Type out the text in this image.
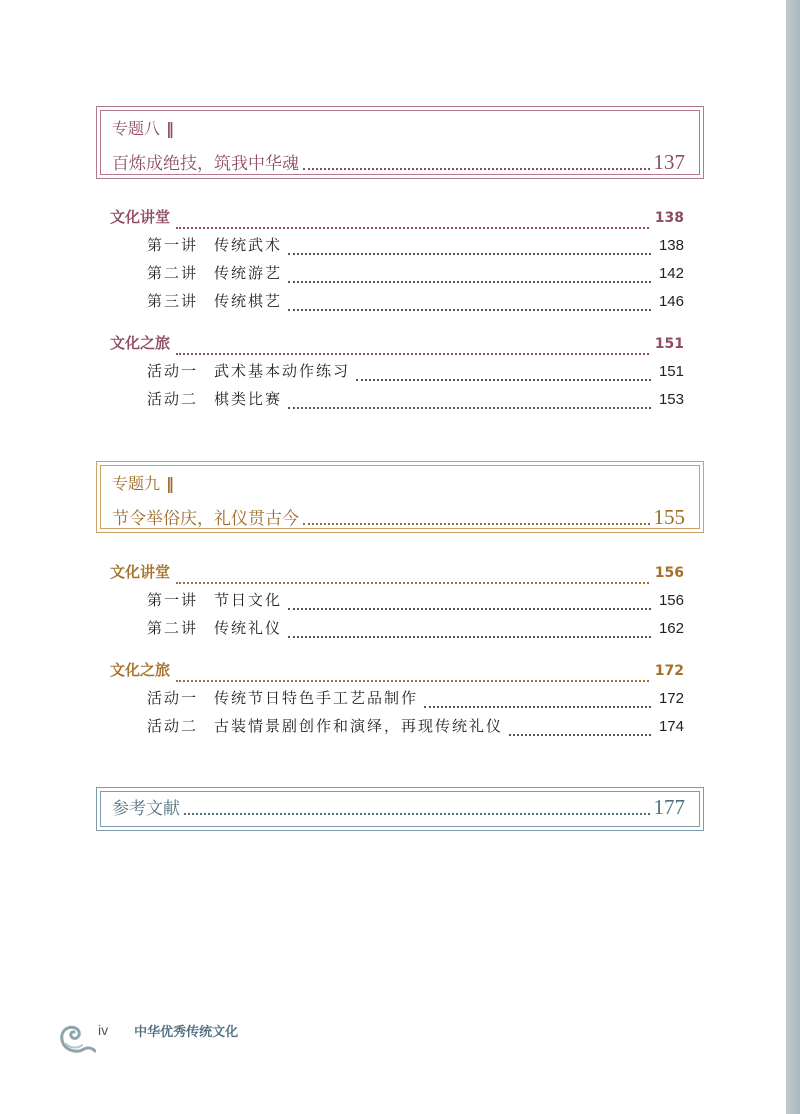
专题八 ‖
百炼成绝技，筑我中华魂	137
文化讲堂	138
第一讲 传统武术	138
第二讲 传统游艺	142
第三讲 传统棋艺	146
文化之旅	151
活动一 武术基本动作练习	151
活动二 棋类比赛	153
专题九 ‖
节令举俗庆，礼仪贯古今	155
文化讲堂	156
第一讲 节日文化	156
第二讲 传统礼仪	162
文化之旅	172
活动一 传统节日特色手工艺品制作	172
活动二 古装情景剧创作和演绎，再现传统礼仪	174
参考文献	177
iv 中华优秀传统文化
